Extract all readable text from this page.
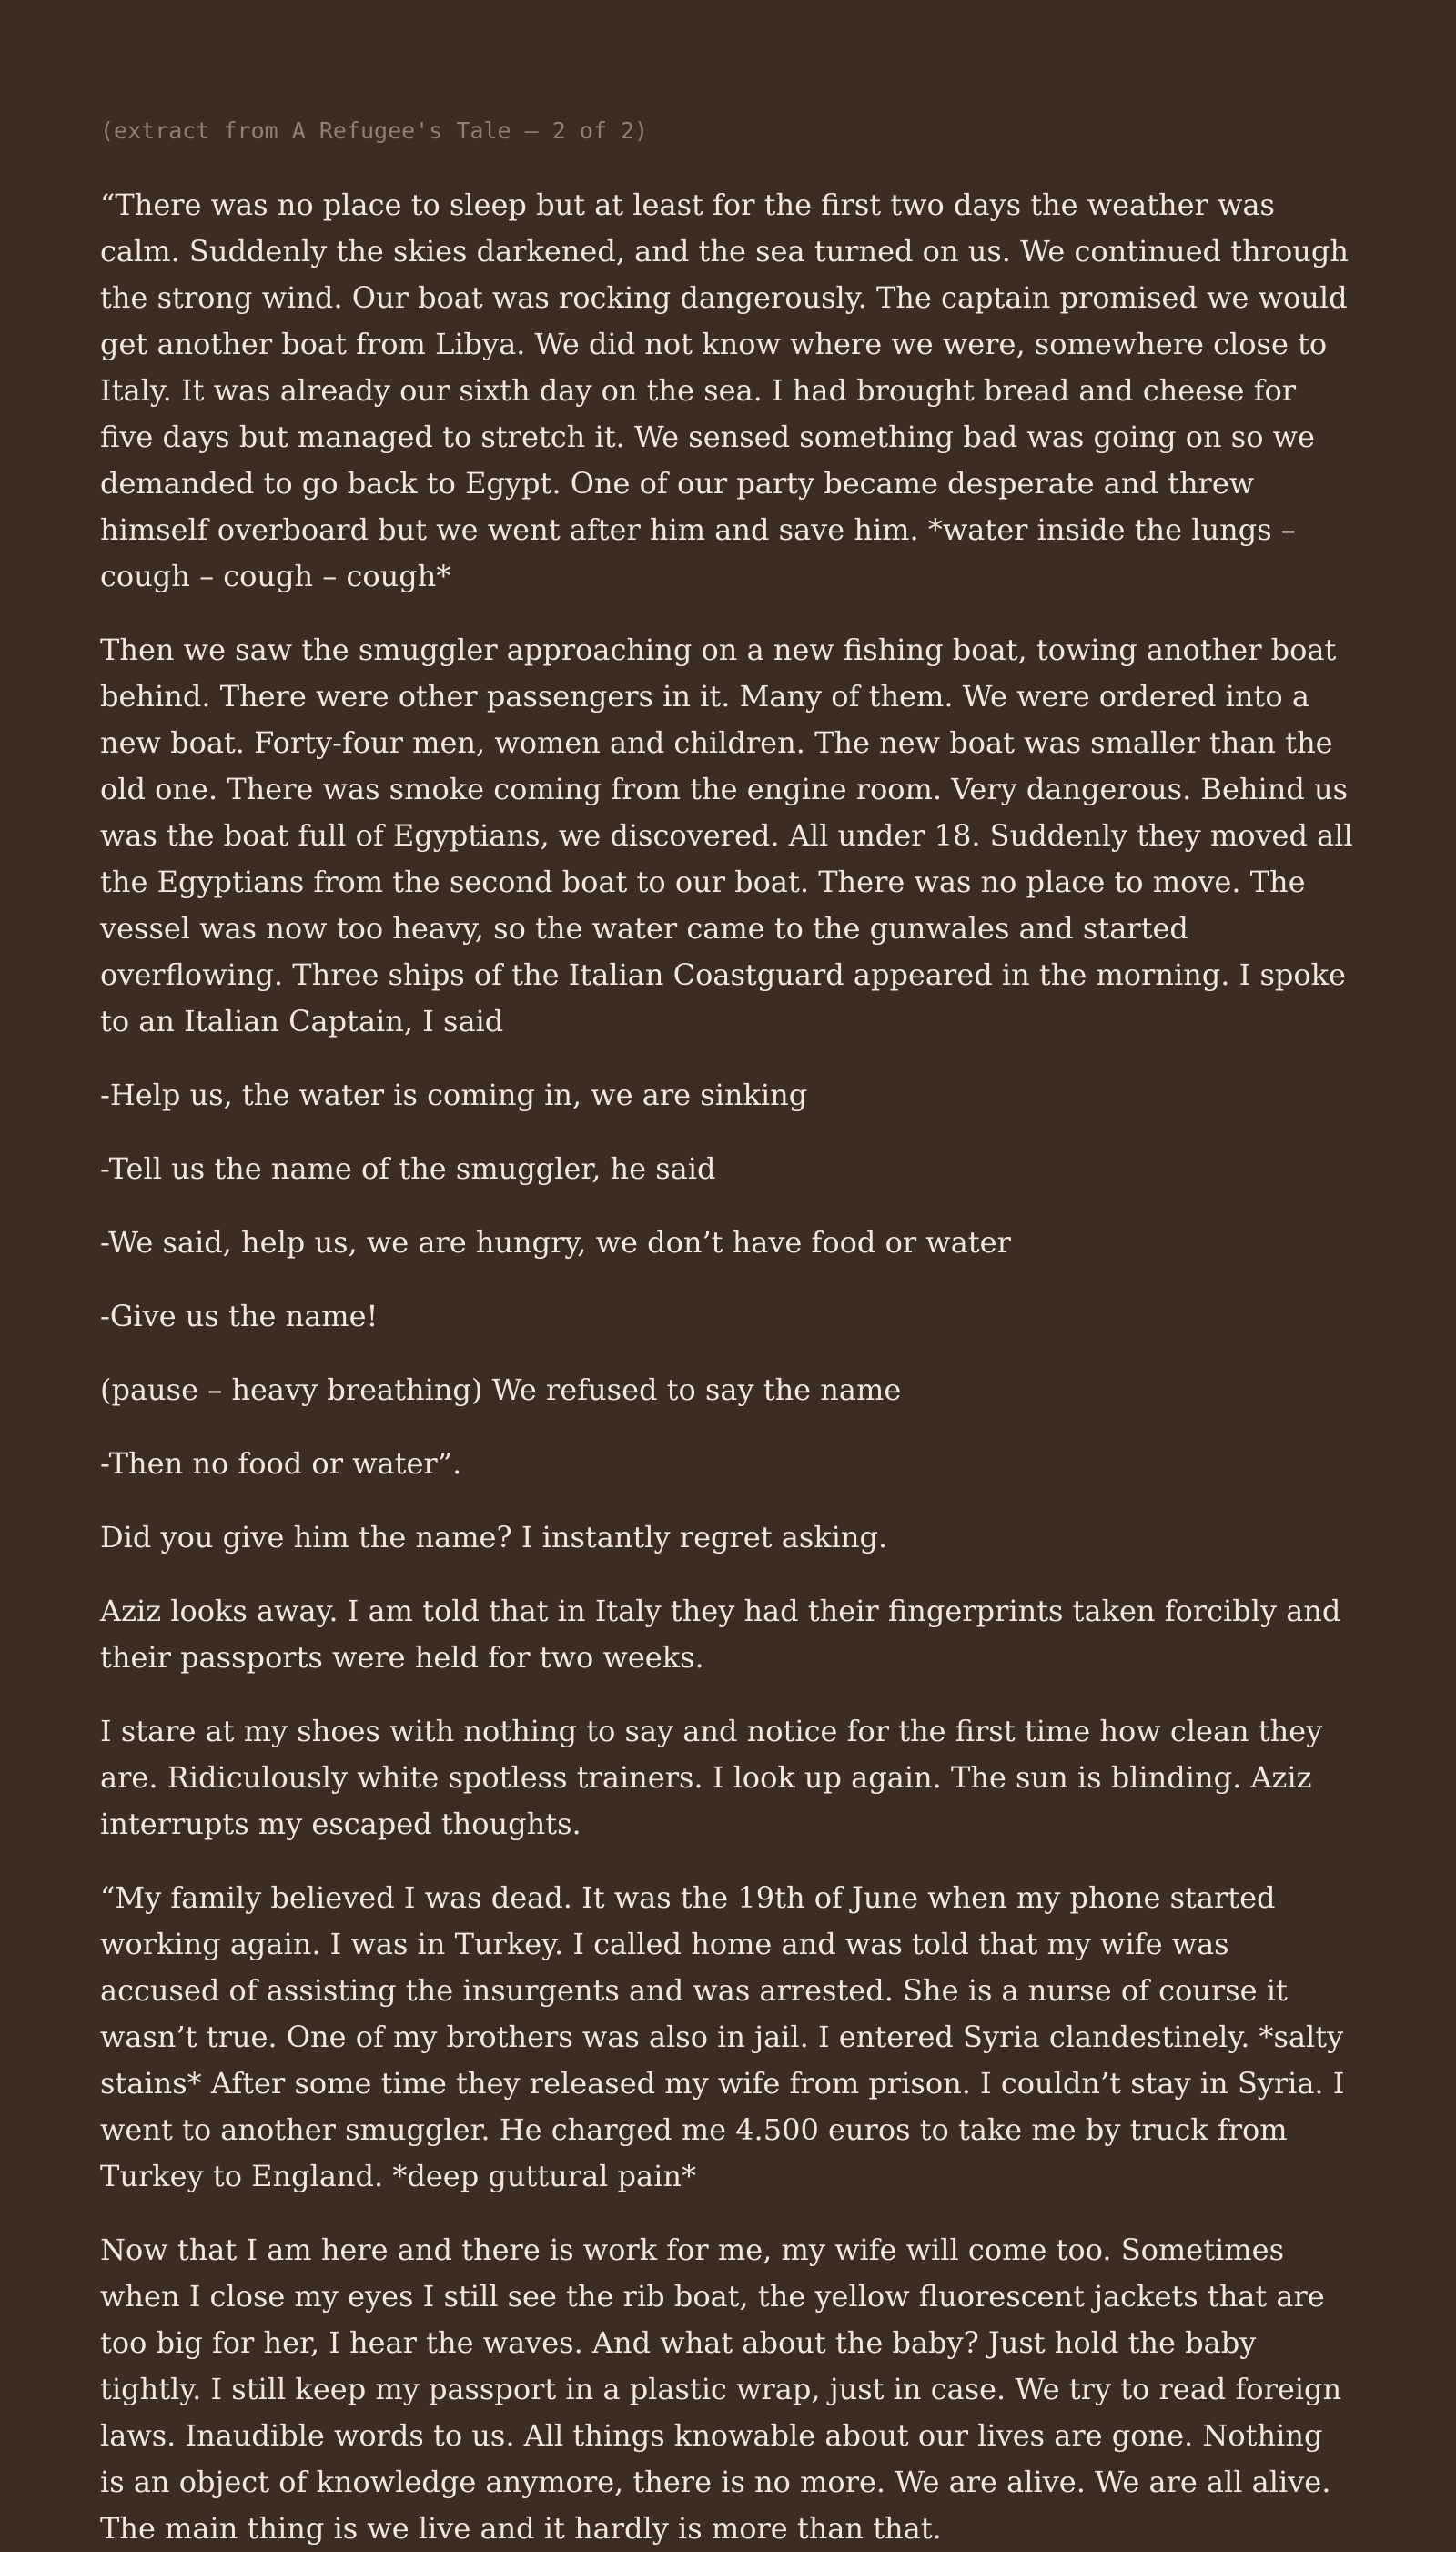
(extract from A Refugee's Tale — 2 of 2)

“There was no place to sleep but at least for the first two days the weather was calm. Suddenly the skies darkened, and the sea turned on us. We continued through the strong wind. Our boat was rocking dangerously. The captain promised we would get another boat from Libya. We did not know where we were, somewhere close to Italy. It was already our sixth day on the sea. I had brought bread and cheese for five days but managed to stretch it. We sensed something bad was going on so we demanded to go back to Egypt. One of our party became desperate and threw himself overboard but we went after him and save him. *water inside the lungs – cough – cough – cough*

Then we saw the smuggler approaching on a new fishing boat, towing another boat behind. There were other passengers in it. Many of them. We were ordered into a new boat. Forty-four men, women and children. The new boat was smaller than the old one. There was smoke coming from the engine room. Very dangerous. Behind us was the boat full of Egyptians, we discovered. All under 18. Suddenly they moved all the Egyptians from the second boat to our boat. There was no place to move. The vessel was now too heavy, so the water came to the gunwales and started overflowing. Three ships of the Italian Coastguard appeared in the morning. I spoke to an Italian Captain, I said

-Help us, the water is coming in, we are sinking

-Tell us the name of the smuggler, he said

-We said, help us, we are hungry, we don’t have food or water

-Give us the name!

(pause – heavy breathing) We refused to say the name

-Then no food or water”.

Did you give him the name? I instantly regret asking.

Aziz looks away. I am told that in Italy they had their fingerprints taken forcibly and their passports were held for two weeks.

I stare at my shoes with nothing to say and notice for the first time how clean they are. Ridiculously white spotless trainers. I look up again. The sun is blinding. Aziz interrupts my escaped thoughts.

“My family believed I was dead. It was the 19th of June when my phone started working again. I was in Turkey. I called home and was told that my wife was accused of assisting the insurgents and was arrested. She is a nurse of course it wasn’t true. One of my brothers was also in jail. I entered Syria clandestinely. *salty stains* After some time they released my wife from prison. I couldn’t stay in Syria. I went to another smuggler. He charged me 4.500 euros to take me by truck from Turkey to England. *deep guttural pain*

Now that I am here and there is work for me, my wife will come too. Sometimes when I close my eyes I still see the rib boat, the yellow fluorescent jackets that are too big for her, I hear the waves. And what about the baby? Just hold the baby tightly. I still keep my passport in a plastic wrap, just in case. We try to read foreign laws. Inaudible words to us. All things knowable about our lives are gone. Nothing is an object of knowledge anymore, there is no more. We are alive. We are all alive. The main thing is we live and it hardly is more than that.
